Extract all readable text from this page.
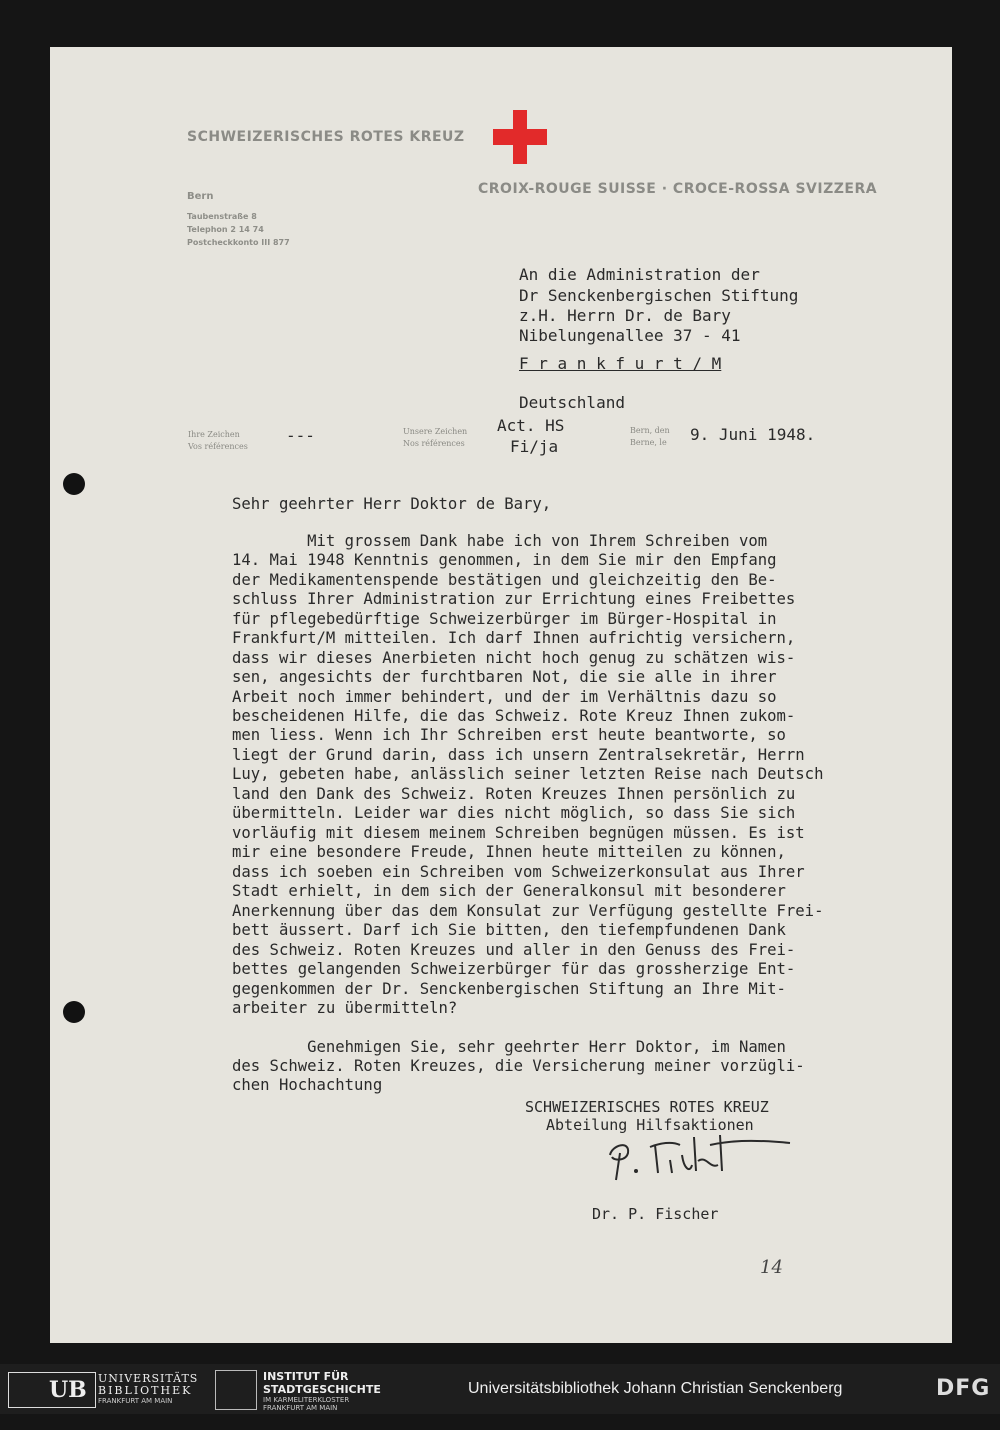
SCHWEIZERISCHES ROTES KREUZ
CROIX-ROUGE SUISSE · CROCE-ROSSA SVIZZERA
Bern
Taubenstraße 8
Telephon 2 14 74
Postcheckkonto III 877
An die Administration der
Dr Senckenbergischen Stiftung
z.H. Herrn Dr. de Bary
Nibelungenallee 37 - 41
F r a n k f u r t / M
Deutschland
Ihre Zeichen
Vos références
---	Unsere Zeichen
Nos références
Act. HS
Fi/ja
Bern, den
Berne, le 9. Juni 1948.
Sehr geehrter Herr Doktor de Bary,
Mit grossem Dank habe ich von Ihrem Schreiben vom
14. Mai 1948 Kenntnis genommen, in dem Sie mir den Empfang
der Medikamentenspende bestätigen und gleichzeitig den Be-
schluss Ihrer Administration zur Errichtung eines Freibettes
für pflegebedürftige Schweizerbürger im Bürger-Hospital in
Frankfurt/M mitteilen. Ich darf Ihnen aufrichtig versichern,
dass wir dieses Anerbieten nicht hoch genug zu schätzen wis-
sen, angesichts der furchtbaren Not, die sie alle in ihrer
Arbeit noch immer behindert, und der im Verhältnis dazu so
bescheidenen Hilfe, die das Schweiz. Rote Kreuz Ihnen zukom-
men liess. Wenn ich Ihr Schreiben erst heute beantworte, so
liegt der Grund darin, dass ich unsern Zentralsekretär, Herrn
Luy, gebeten habe, anlässlich seiner letzten Reise nach Deutsch
land den Dank des Schweiz. Roten Kreuzes Ihnen persönlich zu
übermitteln. Leider war dies nicht möglich, so dass Sie sich
vorläufig mit diesem meinem Schreiben begnügen müssen. Es ist
mir eine besondere Freude, Ihnen heute mitteilen zu können,
dass ich soeben ein Schreiben vom Schweizerkonsulat aus Ihrer
Stadt erhielt, in dem sich der Generalkonsul mit besonderer
Anerkennung über das dem Konsulat zur Verfügung gestellte Frei-
bett äussert. Darf ich Sie bitten, den tiefempfundenen Dank
des Schweiz. Roten Kreuzes und aller in den Genuss des Frei-
bettes gelangenden Schweizerbürger für das grossherzige Ent-
gegenkommen der Dr. Senckenbergischen Stiftung an Ihre Mit-
arbeiter zu übermitteln?
Genehmigen Sie, sehr geehrter Herr Doktor, im Namen
des Schweiz. Roten Kreuzes, die Versicherung meiner vorzügli-
chen Hochachtung
SCHWEIZERISCHES ROTES KREUZ
Abteilung Hilfsaktionen
Dr. P. Fischer
14

UB

UNIVERSITÄTS
BIBLIOTHEK
FRANKFURT AM MAIN
INSTITUT FÜR
STADTGESCHICHTE
IM KARMELITERKLOSTER
FRANKFURT AM MAIN
Universitätsbibliothek Johann Christian Senckenberg	DFG
